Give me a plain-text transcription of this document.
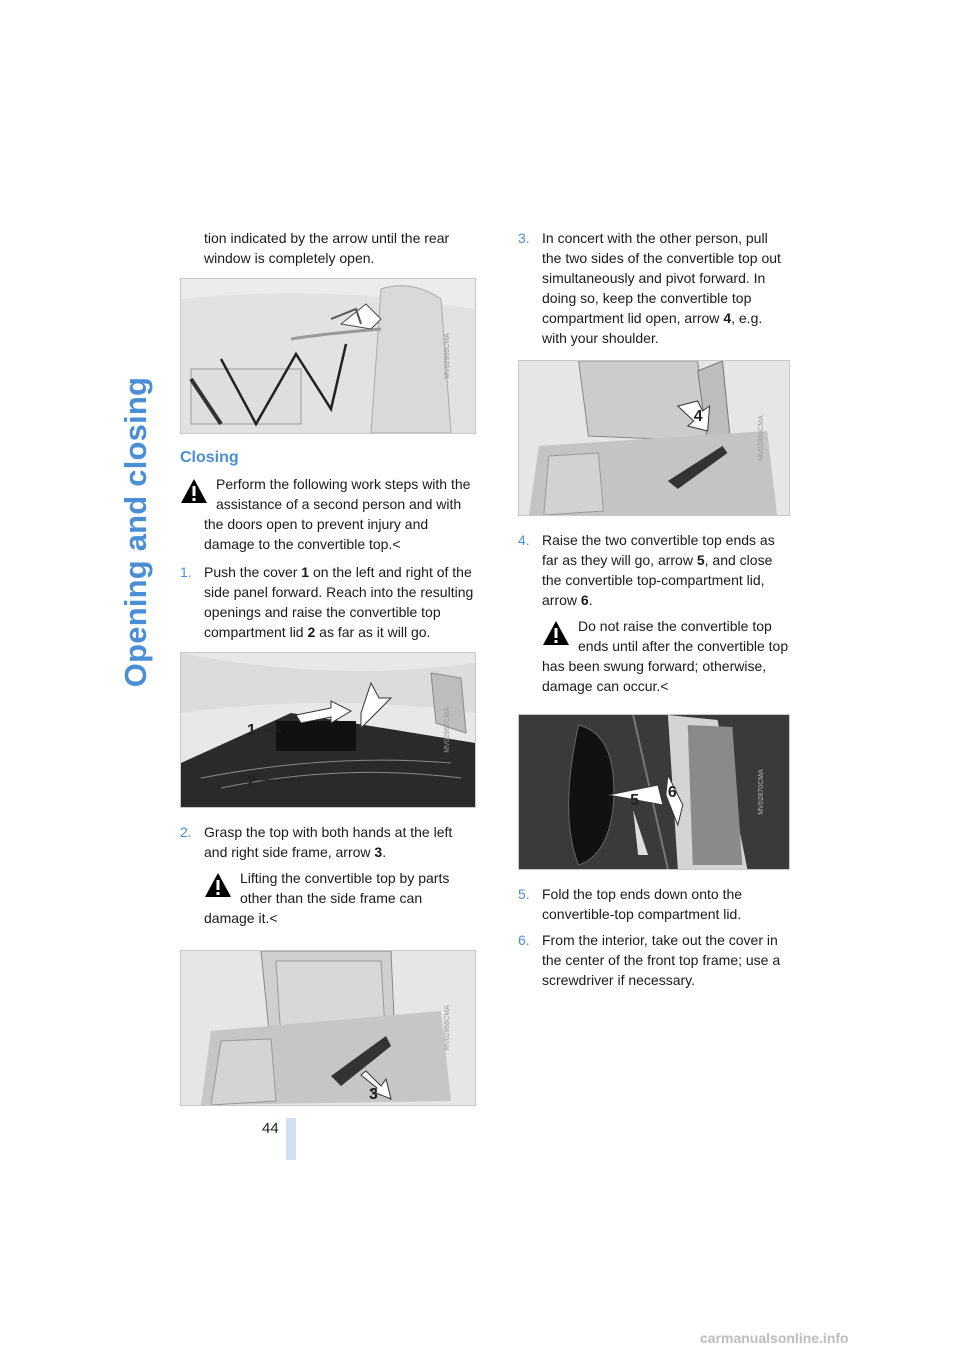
Opening and closing
44

tion indicated by the arrow until the rear window is completely open.

MV02866CMA
Closing

Perform the following work steps with the assistance of a second person and with the doors open to prevent injury and damage to the convertible top.<

1. Push the cover 1 on the left and right of the side panel forward. Reach into the resulting openings and raise the convertible top compartment lid 2 as far as it will go.
1
2
MV02867CMA
2. Grasp the top with both hands at the left and right side frame, arrow 3.

Lifting the convertible top by parts other than the side frame can damage it.<

3
MV02868CMA
3. In concert with the other person, pull the two sides of the convertible top out simultaneously and pivot forward. In doing so, keep the convertible top compartment lid open, arrow 4, e.g. with your shoulder.
4	MV02869CMA
4. Raise the two convertible top ends as far as they will go, arrow 5, and close the convertible top-compartment lid, arrow 6.

Do not raise the convertible top ends until after the convertible top has been swung forward; otherwise, damage can occur.<

5 6	MV02870CMA
5. Fold the top ends down onto the convertible-top compartment lid.
6. From the interior, take out the cover in the center of the front top frame; use a screwdriver if necessary.
carmanualsonline.info
